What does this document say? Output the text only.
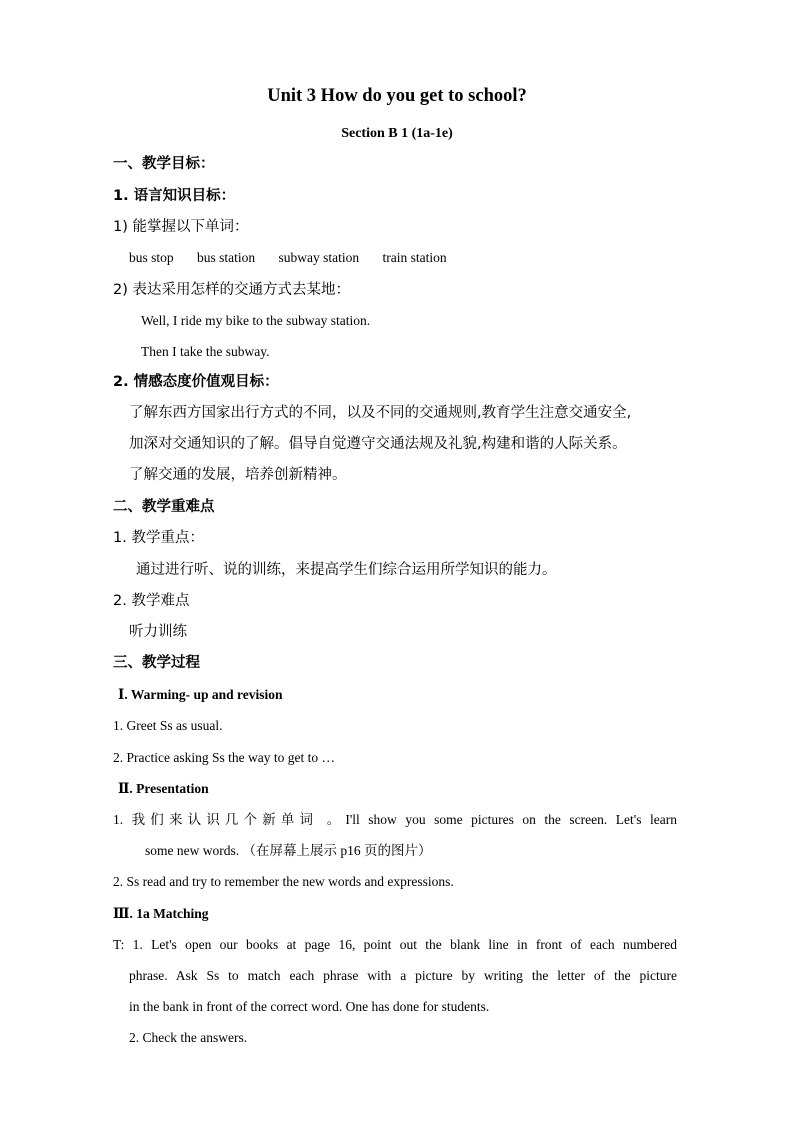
Unit 3 How do you get to school?
Section B 1 (1a-1e)
一、教学目标：
1. 语言知识目标：
1) 能掌握以下单词：
bus stop bus station subway station train station
2) 表达采用怎样的交通方式去某地：
Well, I ride my bike to the subway station.
Then I take the subway.
2. 情感态度价值观目标：
了解东西方国家出行方式的不同，以及不同的交通规则,教育学生注意交通安全,
加深对交通知识的了解。倡导自觉遵守交通法规及礼貌,构建和谐的人际关系。
了解交通的发展，培养创新精神。
二、教学重难点
1. 教学重点：
通过进行听、说的训练，来提高学生们综合运用所学知识的能力。
2. 教学难点
听力训练
三、教学过程
Ⅰ. Warming- up and revision
1. Greet Ss as usual.
2. Practice asking Ss the way to get to …
Ⅱ. Presentation
1. 我们来认识几个新单词 。I'll show you some pictures on the screen. Let's learn
some new words. （在屏幕上展示 p16 页的图片）
2. Ss read and try to remember the new words and expressions.
Ⅲ. 1a Matching
T: 1. Let's open our books at page 16, point out the blank line in front of each numbered
phrase. Ask Ss to match each phrase with a picture by writing the letter of the picture
in the bank in front of the correct word. One has done for students.
2. Check the answers.
